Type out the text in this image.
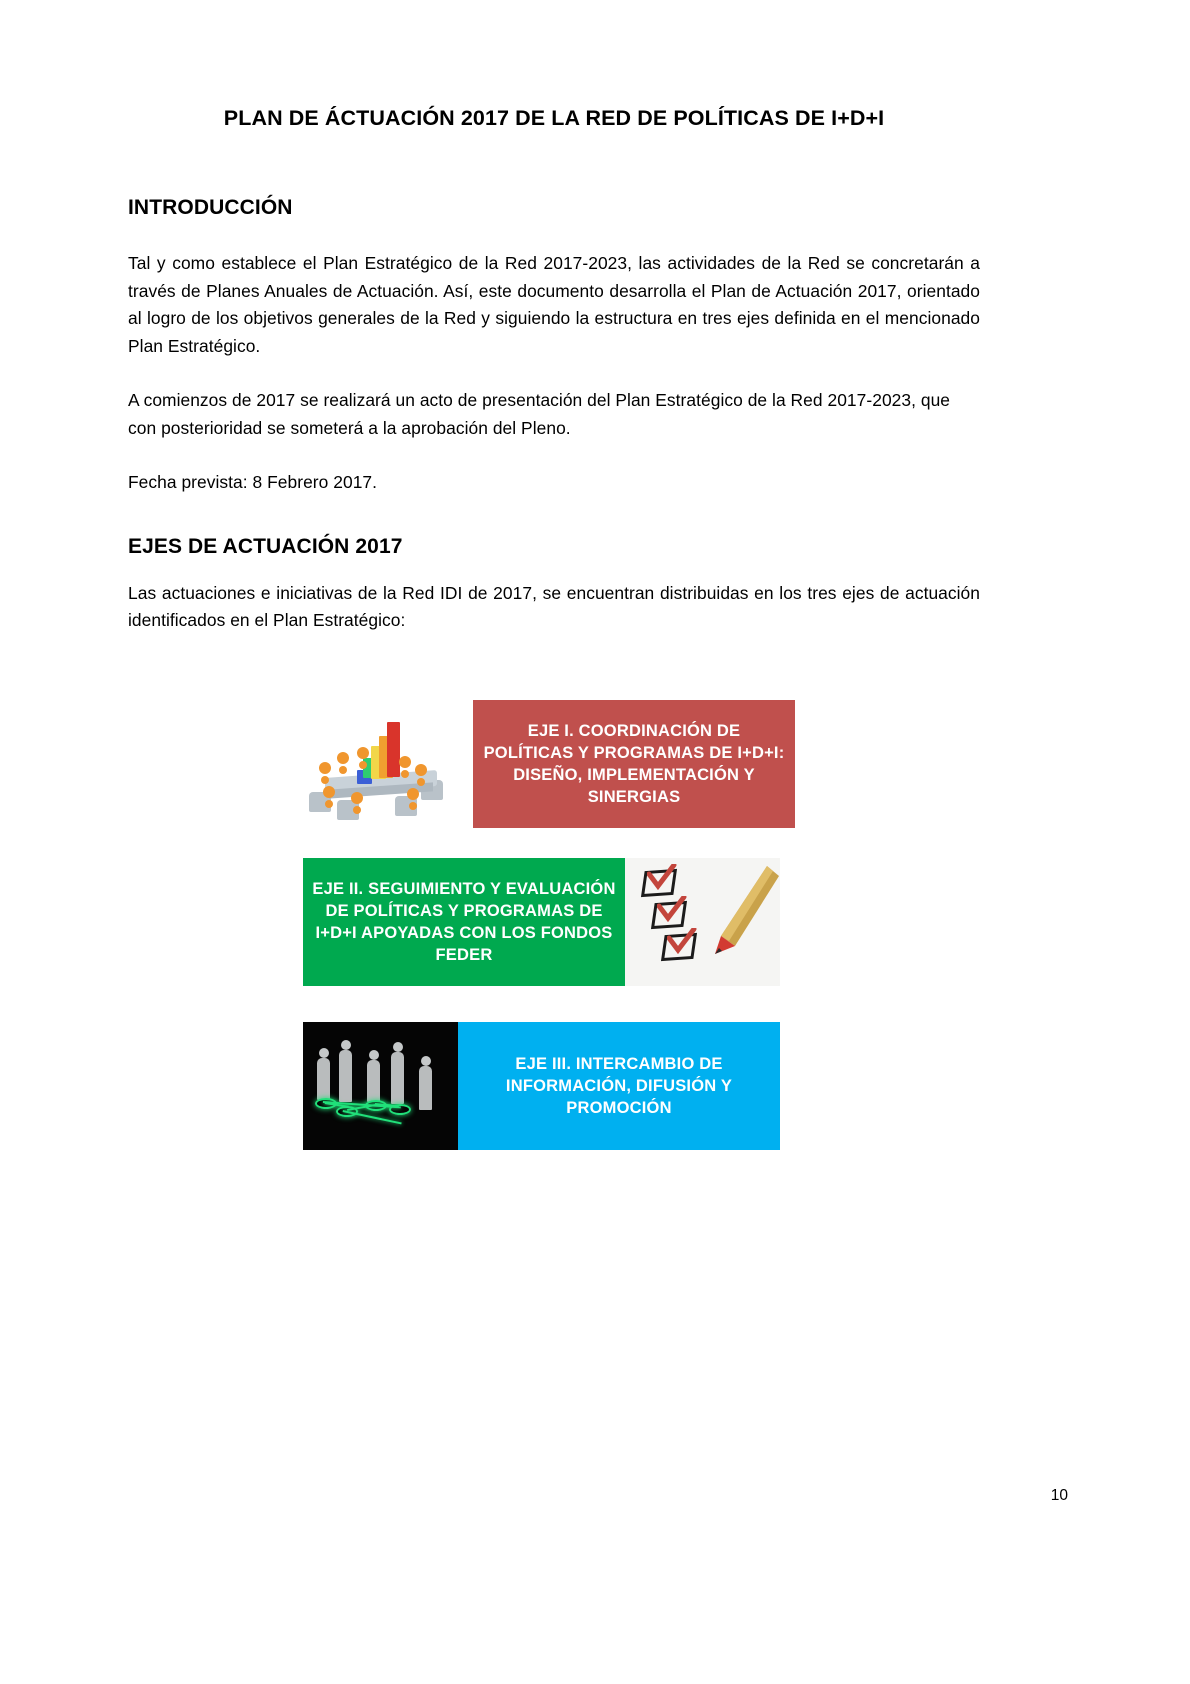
PLAN DE ÁCTUACIÓN 2017 DE LA RED DE POLÍTICAS DE I+D+I
INTRODUCCIÓN

Tal y como establece el Plan Estratégico de la Red 2017-2023, las actividades de la Red se concretarán a través de Planes Anuales de Actuación. Así, este documento desarrolla el Plan de Actuación 2017, orientado al logro de los objetivos generales de la Red y siguiendo la estructura en tres ejes definida en el mencionado Plan Estratégico.

A comienzos de 2017 se realizará un acto de presentación del Plan Estratégico de la Red 2017-2023, que con posterioridad se someterá a la aprobación del Pleno.

Fecha prevista: 8 Febrero 2017.

EJES DE ACTUACIÓN 2017

Las actuaciones e iniciativas de la Red IDI de 2017, se encuentran distribuidas en los tres ejes de actuación identificados en el Plan Estratégico:

EJE I. COORDINACIÓN DE POLÍTICAS Y PROGRAMAS DE I+D+I: DISEÑO, IMPLEMENTACIÓN Y SINERGIAS
EJE II. SEGUIMIENTO Y EVALUACIÓN DE POLÍTICAS Y PROGRAMAS DE I+D+I APOYADAS CON LOS FONDOS FEDER
EJE III. INTERCAMBIO DE INFORMACIÓN, DIFUSIÓN Y PROMOCIÓN
10
